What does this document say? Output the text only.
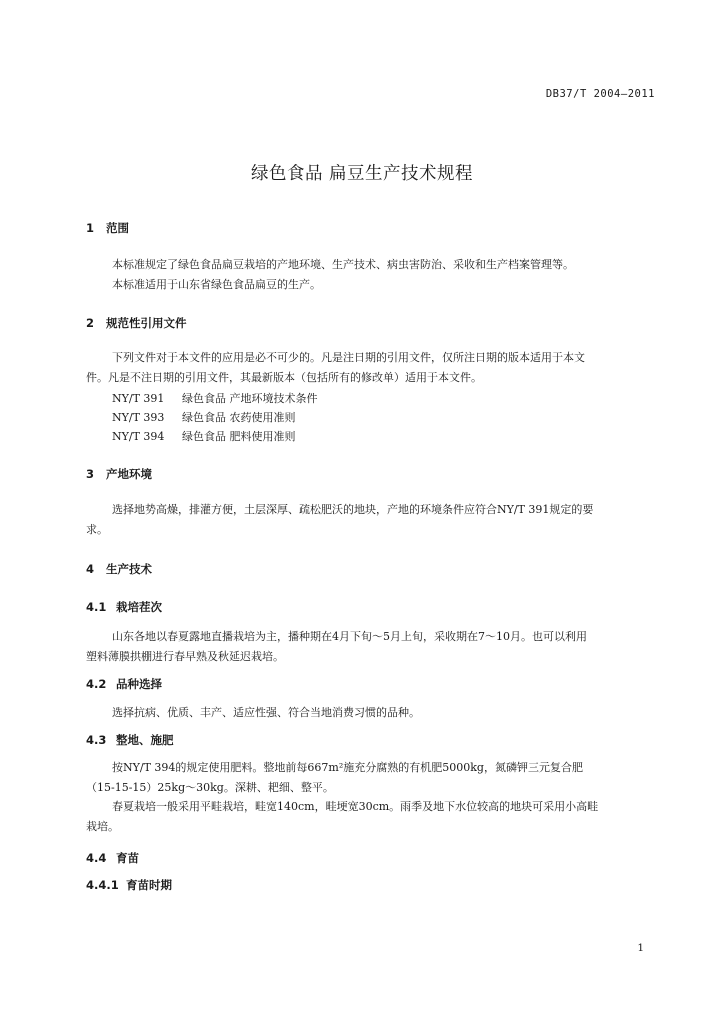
DB37/T 2004—2011
绿色食品 扁豆生产技术规程
1 范围
本标准规定了绿色食品扁豆栽培的产地环境、生产技术、病虫害防治、采收和生产档案管理等。
本标准适用于山东省绿色食品扁豆的生产。
2 规范性引用文件
下列文件对于本文件的应用是必不可少的。凡是注日期的引用文件，仅所注日期的版本适用于本文
件。凡是不注日期的引用文件，其最新版本（包括所有的修改单）适用于本文件。
NY/T 391 绿色食品 产地环境技术条件
NY/T 393 绿色食品 农药使用准则
NY/T 394 绿色食品 肥料使用准则
3 产地环境
选择地势高燥，排灌方便，土层深厚、疏松肥沃的地块，产地的环境条件应符合NY/T 391规定的要
求。
4 生产技术
4.1 栽培茬次
山东各地以春夏露地直播栽培为主，播种期在4月下旬～5月上旬，采收期在7～10月。也可以利用
塑料薄膜拱棚进行春早熟及秋延迟栽培。
4.2 品种选择
选择抗病、优质、丰产、适应性强、符合当地消费习惯的品种。
4.3 整地、施肥
按NY/T 394的规定使用肥料。整地前每667m²施充分腐熟的有机肥5000kg，氮磷钾三元复合肥
（15-15-15）25kg～30kg。深耕、耙细、整平。
春夏栽培一般采用平畦栽培，畦宽140cm，畦埂宽30cm。雨季及地下水位较高的地块可采用小高畦
栽培。
4.4 育苗
4.4.1 育苗时期
1
